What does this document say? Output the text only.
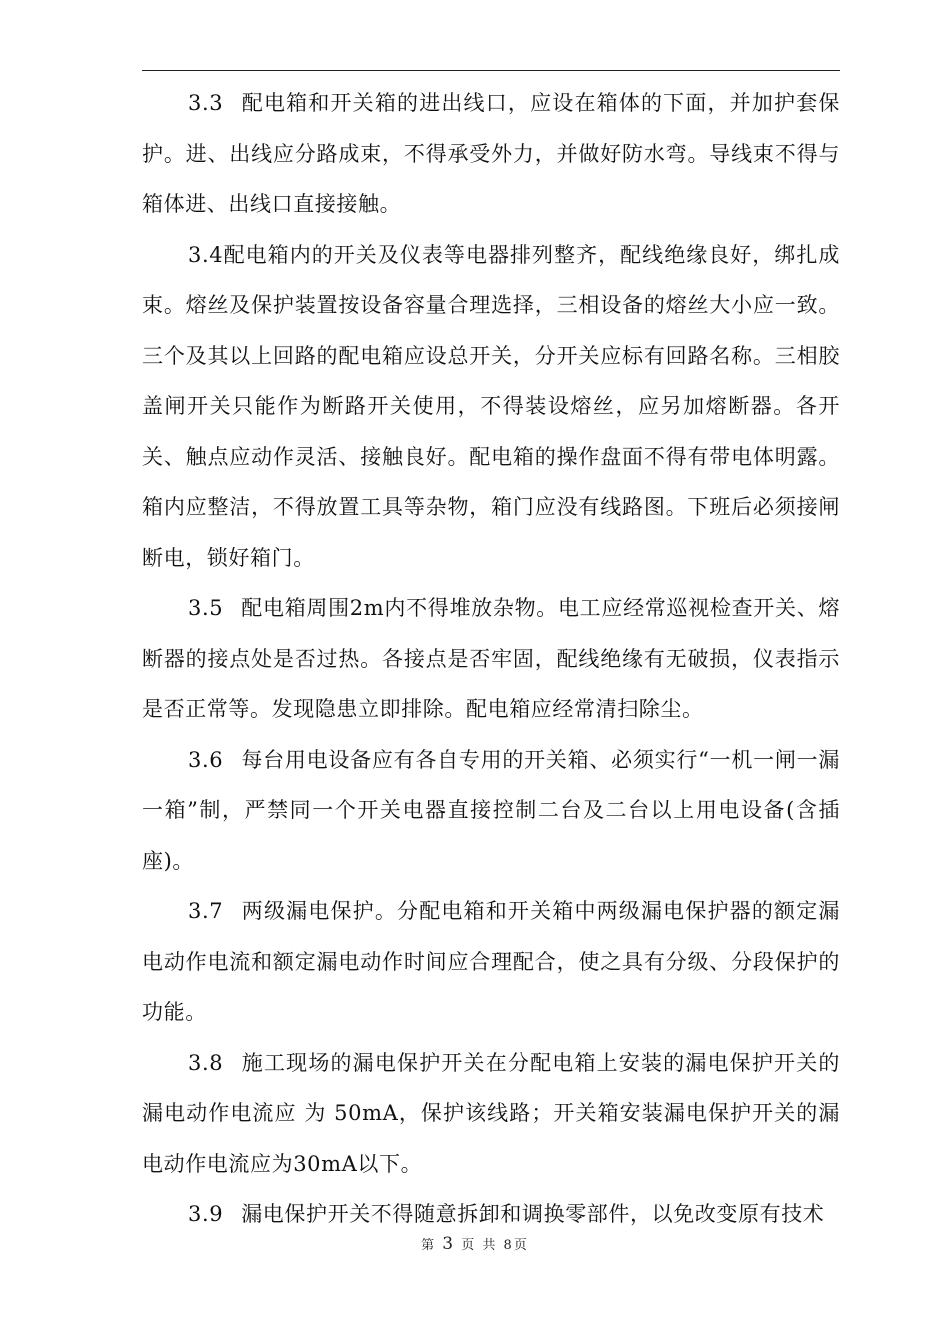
3.3 配电箱和开关箱的进出线口，应设在箱体的下面，并加护套保护。进、出线应分路成束，不得承受外力，并做好防水弯。导线束不得与箱体进、出线口直接接触。

3.4配电箱内的开关及仪表等电器排列整齐，配线绝缘良好，绑扎成束。熔丝及保护装置按设备容量合理选择，三相设备的熔丝大小应一致。三个及其以上回路的配电箱应设总开关，分开关应标有回路名称。三相胶盖闸开关只能作为断路开关使用，不得装设熔丝，应另加熔断器。各开关、触点应动作灵活、接触良好。配电箱的操作盘面不得有带电体明露。箱内应整洁，不得放置工具等杂物，箱门应没有线路图。下班后必须接闸断电，锁好箱门。

3.5 配电箱周围2m内不得堆放杂物。电工应经常巡视检查开关、熔断器的接点处是否过热。各接点是否牢固，配线绝缘有无破损，仪表指示是否正常等。发现隐患立即排除。配电箱应经常清扫除尘。

3.6 每台用电设备应有各自专用的开关箱、必须实行“一机一闸一漏一箱”制，严禁同一个开关电器直接控制二台及二台以上用电设备(含插座)。

3.7 两级漏电保护。分配电箱和开关箱中两级漏电保护器的额定漏电动作电流和额定漏电动作时间应合理配合，使之具有分级、分段保护的功能。

3.8 施工现场的漏电保护开关在分配电箱上安装的漏电保护开关的漏电动作电流应 为 50mA，保护该线路；开关箱安装漏电保护开关的漏电动作电流应为30mA以下。

3.9 漏电保护开关不得随意拆卸和调换零部件，以免改变原有技术

第 3 页 共 8页
